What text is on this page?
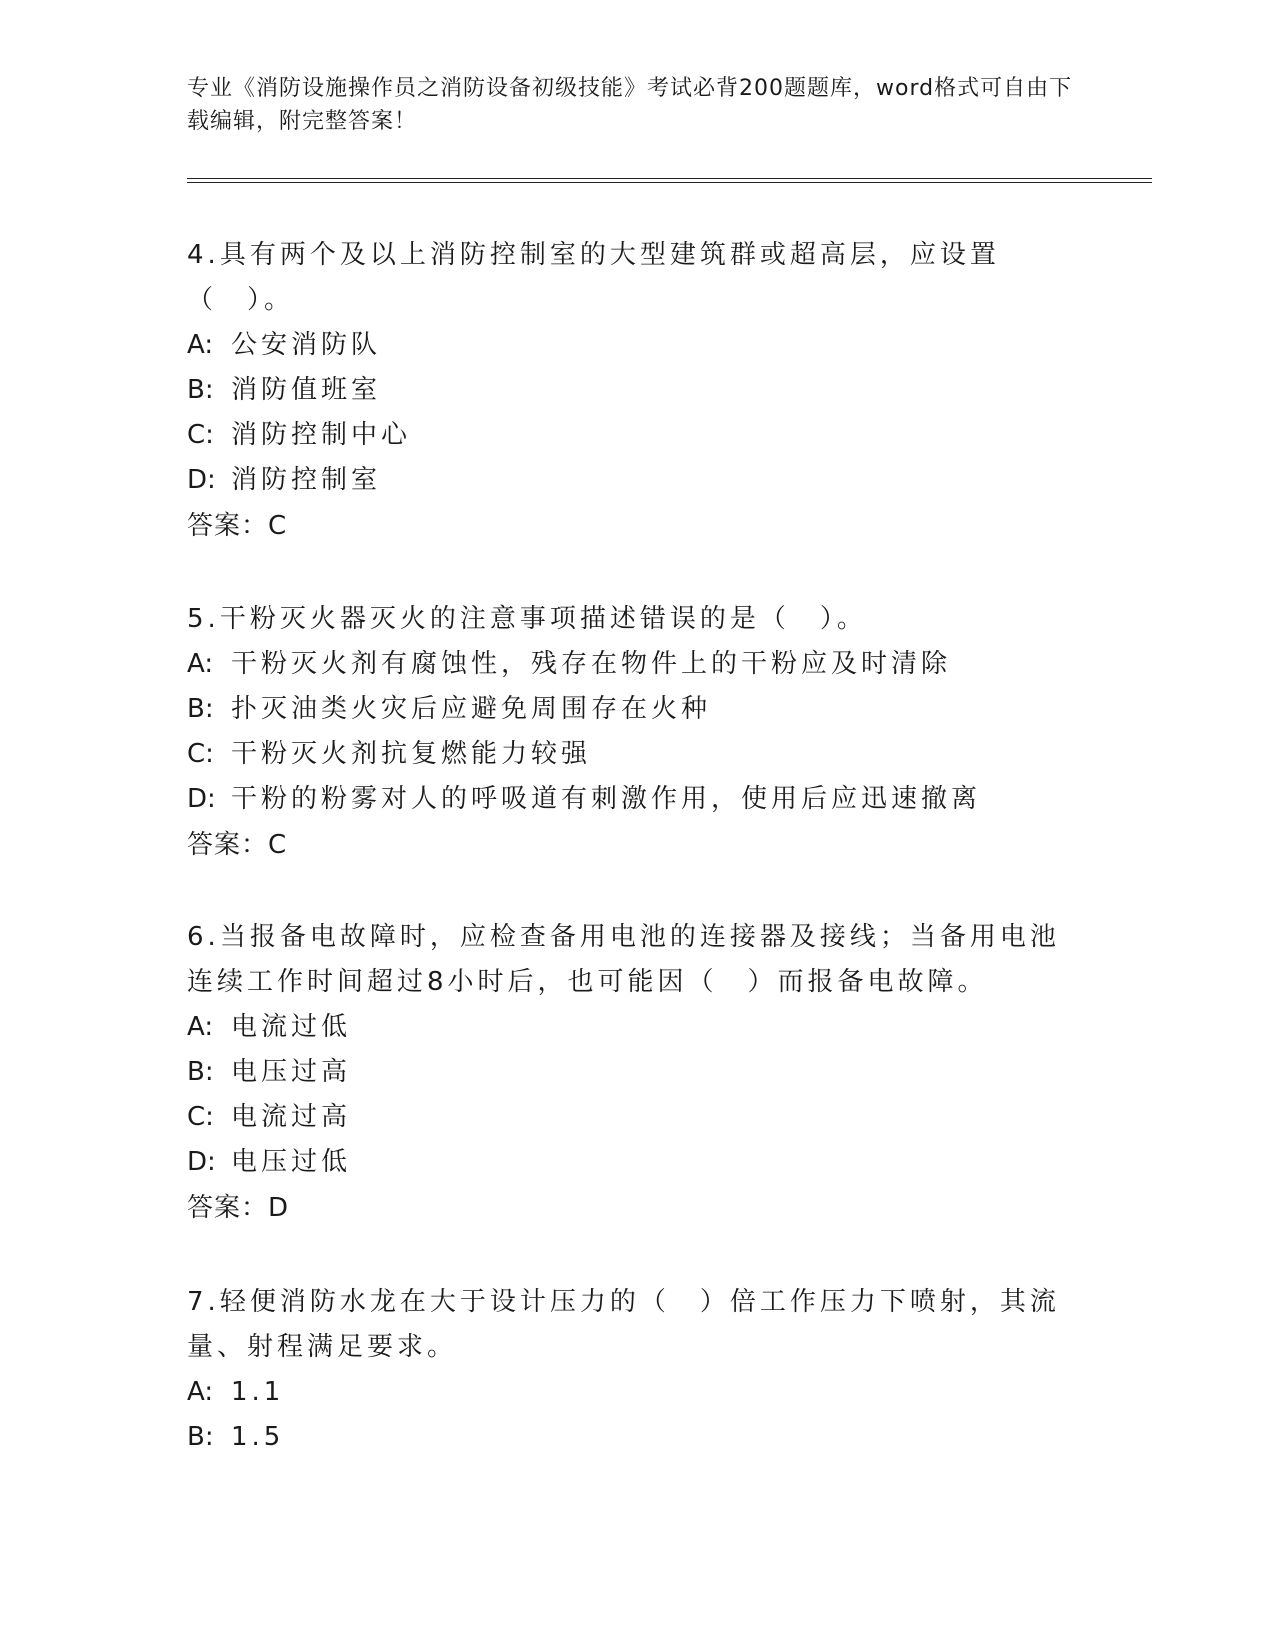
专业《消防设施操作员之消防设备初级技能》考试必背200题题库，word格式可自由下载编辑，附完整答案！

4.具有两个及以上消防控制室的大型建筑群或超高层，应设置（　）。

A: 公安消防队
B: 消防值班室
C: 消防控制中心
D: 消防控制室
答案：C

5.干粉灭火器灭火的注意事项描述错误的是（　）。

A: 干粉灭火剂有腐蚀性，残存在物件上的干粉应及时清除
B: 扑灭油类火灾后应避免周围存在火种
C: 干粉灭火剂抗复燃能力较强
D: 干粉的粉雾对人的呼吸道有刺激作用，使用后应迅速撤离
答案：C

6.当报备电故障时，应检查备用电池的连接器及接线；当备用电池连续工作时间超过8小时后，也可能因（　）而报备电故障。

A: 电流过低
B: 电压过高
C: 电流过高
D: 电压过低
答案：D

7.轻便消防水龙在大于设计压力的（　）倍工作压力下喷射，其流量、射程满足要求。

A: 1.1
B: 1.5
